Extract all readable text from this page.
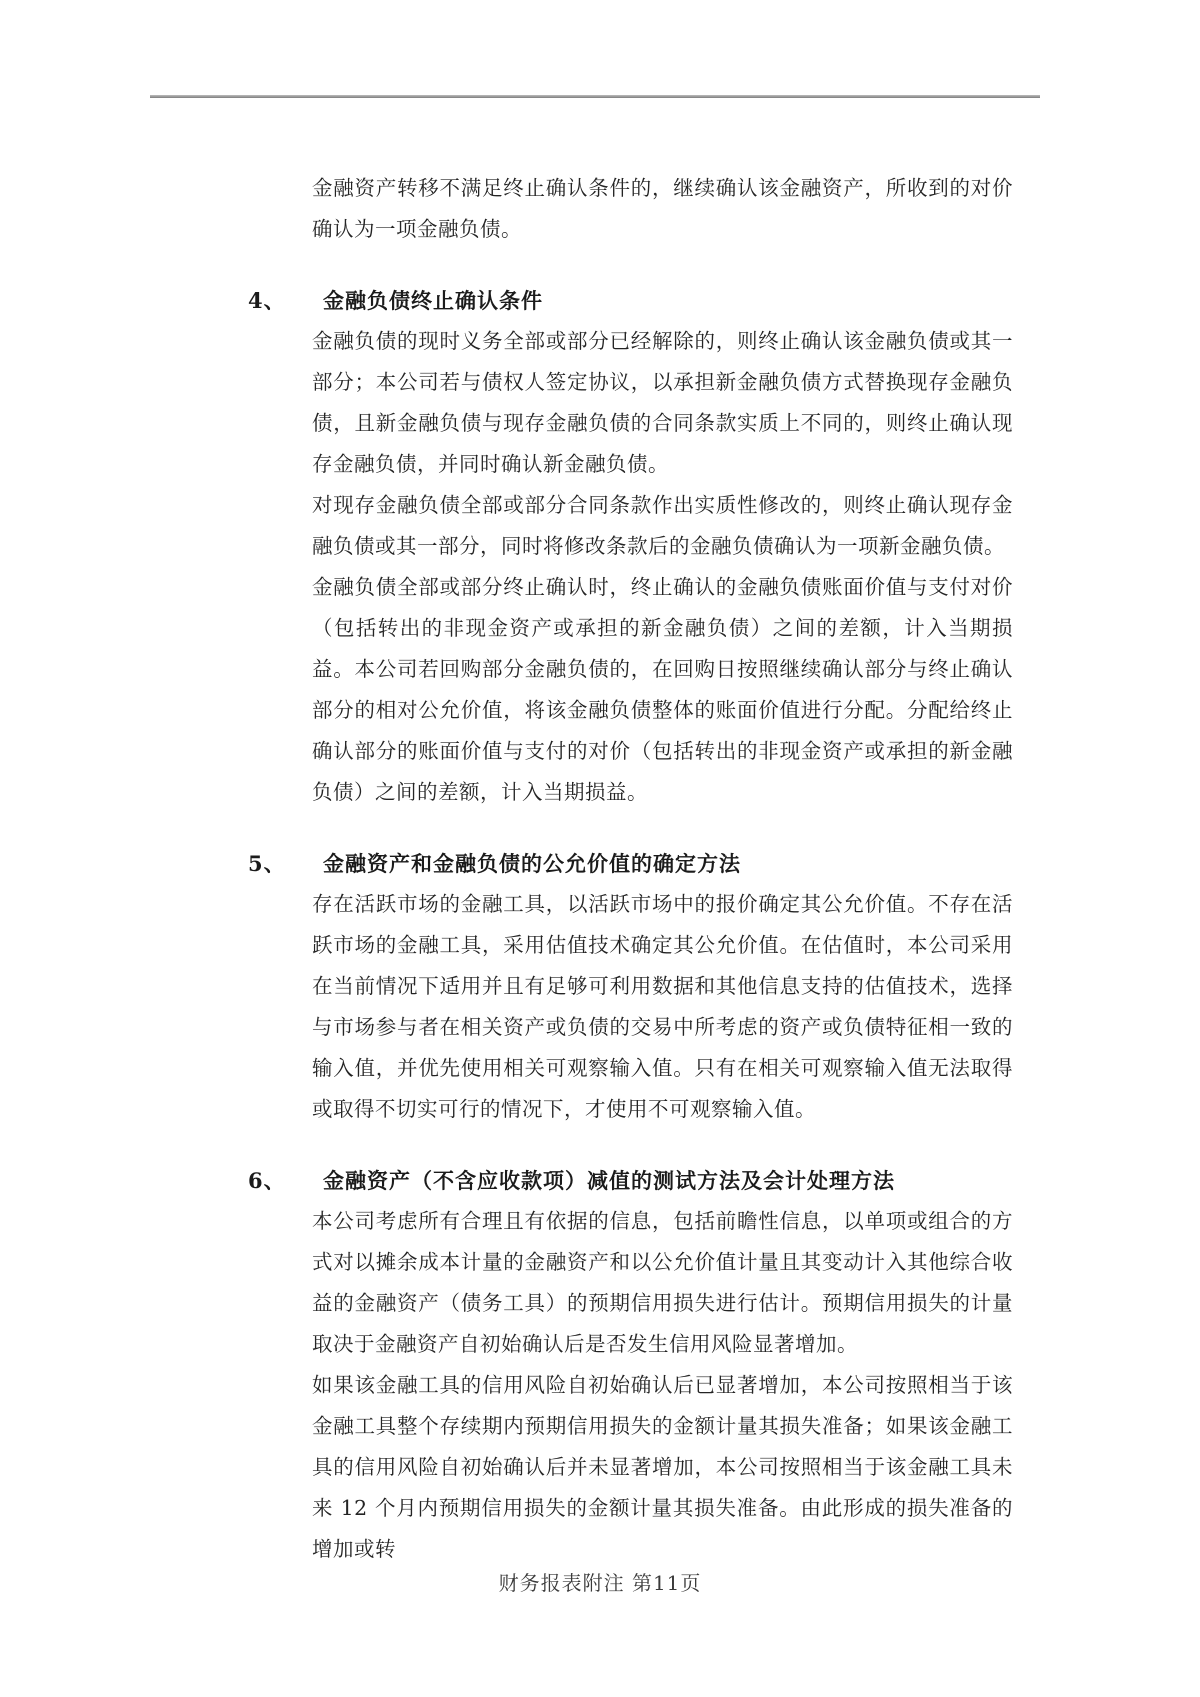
金融资产转移不满足终止确认条件的，继续确认该金融资产，所收到的对价确认为一项金融负债。

4、	金融负债终止确认条件

金融负债的现时义务全部或部分已经解除的，则终止确认该金融负债或其一部分；本公司若与债权人签定协议，以承担新金融负债方式替换现存金融负债，且新金融负债与现存金融负债的合同条款实质上不同的，则终止确认现存金融负债，并同时确认新金融负债。

对现存金融负债全部或部分合同条款作出实质性修改的，则终止确认现存金融负债或其一部分，同时将修改条款后的金融负债确认为一项新金融负债。

金融负债全部或部分终止确认时，终止确认的金融负债账面价值与支付对价（包括转出的非现金资产或承担的新金融负债）之间的差额，计入当期损益。本公司若回购部分金融负债的，在回购日按照继续确认部分与终止确认部分的相对公允价值，将该金融负债整体的账面价值进行分配。分配给终止确认部分的账面价值与支付的对价（包括转出的非现金资产或承担的新金融负债）之间的差额，计入当期损益。

5、	金融资产和金融负债的公允价值的确定方法

存在活跃市场的金融工具，以活跃市场中的报价确定其公允价值。不存在活跃市场的金融工具，采用估值技术确定其公允价值。在估值时，本公司采用在当前情况下适用并且有足够可利用数据和其他信息支持的估值技术，选择与市场参与者在相关资产或负债的交易中所考虑的资产或负债特征相一致的输入值，并优先使用相关可观察输入值。只有在相关可观察输入值无法取得或取得不切实可行的情况下，才使用不可观察输入值。

6、	金融资产（不含应收款项）减值的测试方法及会计处理方法

本公司考虑所有合理且有依据的信息，包括前瞻性信息，以单项或组合的方式对以摊余成本计量的金融资产和以公允价值计量且其变动计入其他综合收益的金融资产（债务工具）的预期信用损失进行估计。预期信用损失的计量取决于金融资产自初始确认后是否发生信用风险显著增加。

如果该金融工具的信用风险自初始确认后已显著增加，本公司按照相当于该金融工具整个存续期内预期信用损失的金额计量其损失准备；如果该金融工具的信用风险自初始确认后并未显著增加，本公司按照相当于该金融工具未来 12 个月内预期信用损失的金额计量其损失准备。由此形成的损失准备的增加或转

财务报表附注 第11页
